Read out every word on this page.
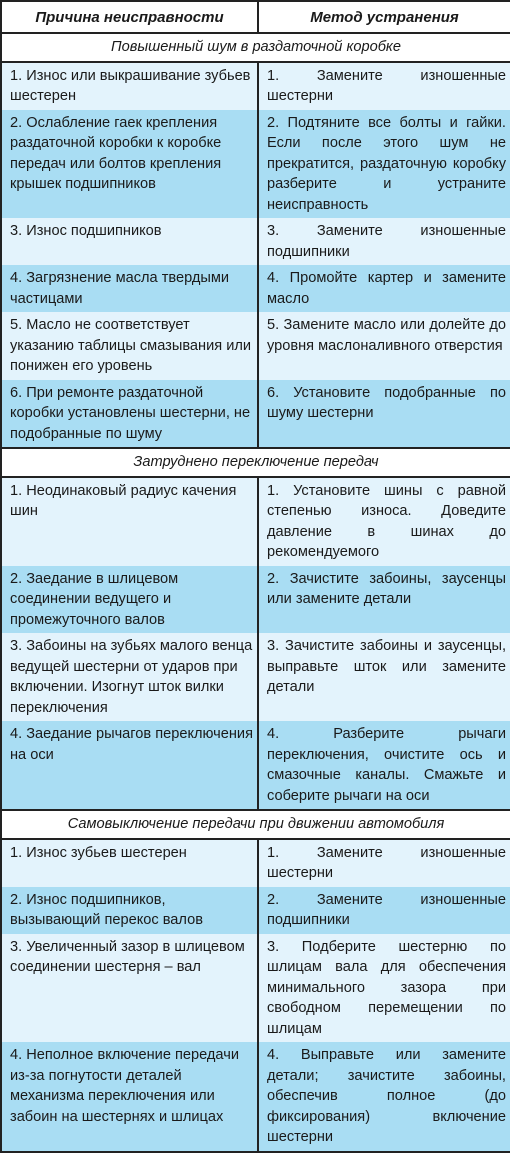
Причина неисправности	Метод устранения
Повышенный шум в раздаточной коробке	
1. Износ или выкрашивание зубьев шестерен	1. Замените изношенные шестерни
2. Ослабление гаек крепления раздаточной коробки к коробке передач или болтов крепления крышек подшипников	2. Подтяните все болты и гайки. Если после этого шум не прекратится, раздаточную коробку разберите и устраните неисправность
3. Износ подшипников	3. Замените изношенные подшипники
4. Загрязнение масла твердыми частицами	4. Промойте картер и замените масло
5. Масло не соответствует указанию таблицы смазывания или понижен его уровень	5. Замените масло или долейте до уровня маслоналивного отверстия
6. При ремонте раздаточной коробки установлены шестерни, не подобранные по шуму	6. Установите подобранные по шуму шестерни
Затруднено переключение передач	
1. Неодинаковый радиус качения шин	1. Установите шины с равной степенью износа. Доведите давление в шинах до рекомендуемого
2. Заедание в шлицевом соединении ведущего и промежуточного валов	2. Зачистите забоины, заусенцы или замените детали
3. Забоины на зубьях малого венца ведущей шестерни от ударов при включении. Изогнут шток вилки переключения	3. Зачистите забоины и заусенцы, выправьте шток или замените детали
4. Заедание рычагов переключения на оси	4. Разберите рычаги переключения, очистите ось и смазочные каналы. Смажьте и соберите рычаги на оси
Самовыключение передачи при движении автомобиля	
1. Износ зубьев шестерен	1. Замените изношенные шестерни
2. Износ подшипников, вызывающий перекос валов	2. Замените изношенные подшипники
3. Увеличенный зазор в шлицевом соединении шестерня – вал	3. Подберите шестерню по шлицам вала для обеспечения минимального зазора при свободном перемещении по шлицам
4. Неполное включение передачи из-за погнутости деталей механизма переключения или забоин на шестернях и шлицах	4. Выправьте или замените детали; зачистите забоины, обеспечив полное (до фиксирования) включение шестерни
